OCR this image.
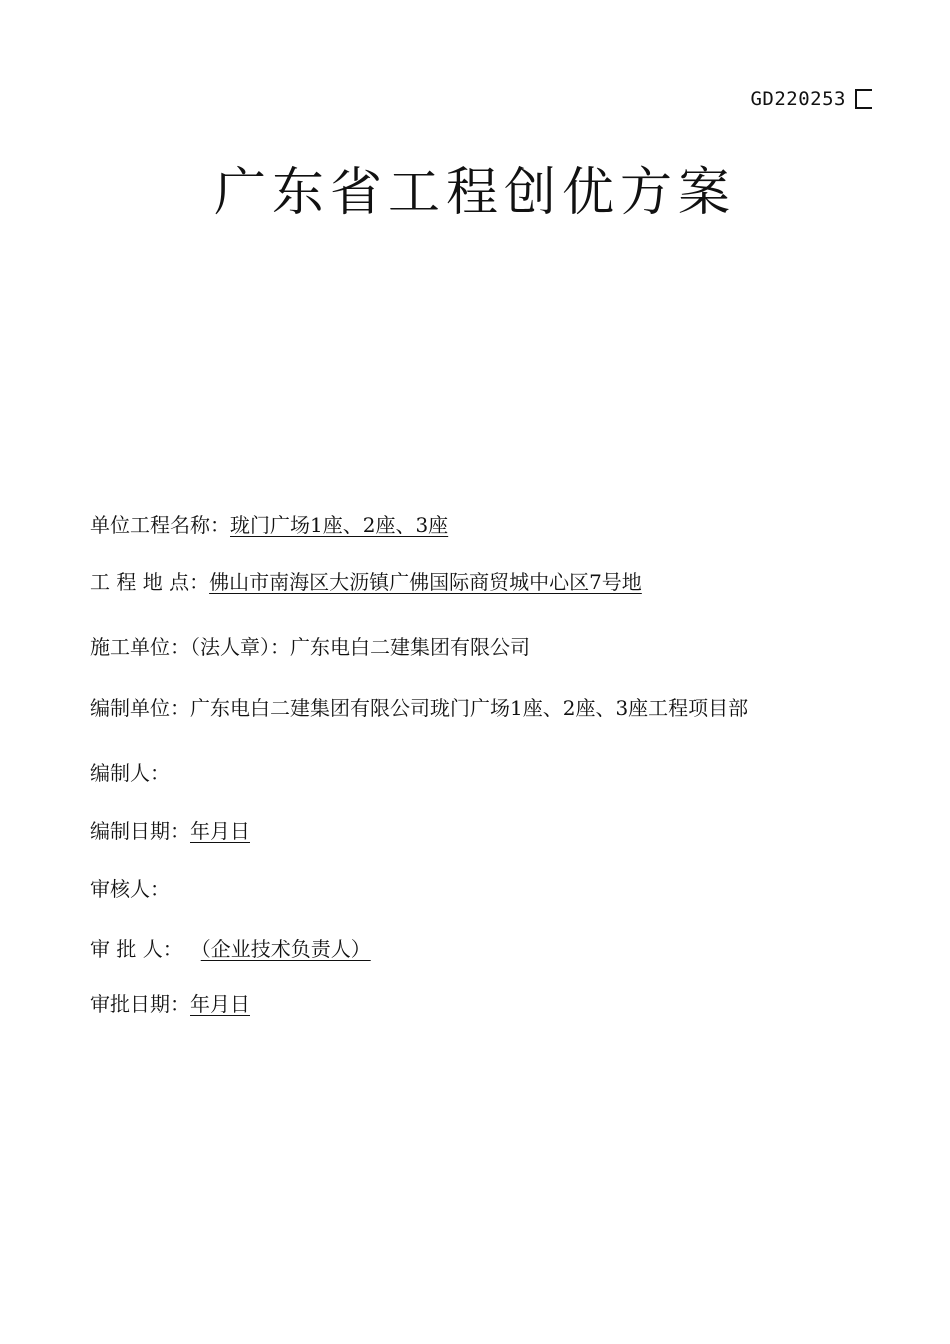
GD220253
广东省工程创优方案
单位工程名称：珑门广场1座、2座、3座
工 程 地 点：佛山市南海区大沥镇广佛国际商贸城中心区7号地
施工单位：（法人章）：广东电白二建集团有限公司
编制单位：广东电白二建集团有限公司珑门广场1座、2座、3座工程项目部
编制人：
编制日期：年月日
审核人：
审 批 人： （企业技术负责人）
审批日期：年月日
